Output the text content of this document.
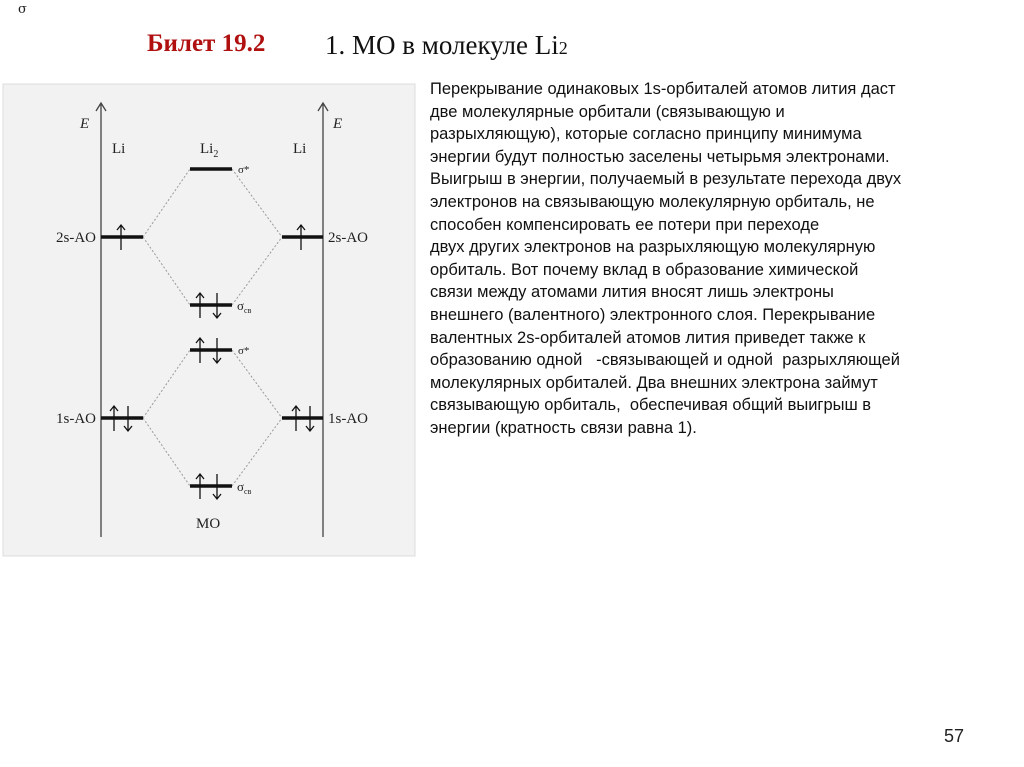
σ
Билет 19.2 1. МО в молекуле Li2
E	E
Li	Li
$Li_2$
σ*
σ*
$\sigma_{св}$
$\sigma_{св}$
2s-AO	2s-AO
1s-AO	1s-AO
MO
Перекрывание одинаковых 1s-орбиталей атомов лития даст
две молекулярные орбитали (связывающую и
разрыхляющую), которые согласно принципу минимума
энергии будут полностью заселены четырьмя электронами.
Выигрыш в энергии, получаемый в результате перехода двух
электронов на связывающую молекулярную орбиталь, не
способен компенсировать ее потери при переходе
двух других электронов на разрыхляющую молекулярную
орбиталь. Вот почему вклад в образование химической
связи между атомами лития вносят лишь электроны
внешнего (валентного) электронного слоя. Перекрывание
валентных 2s-орбиталей атомов лития приведет также к
образованию одной   -связывающей и одной  разрыхляющей
молекулярных орбиталей. Два внешних электрона займут
связывающую орбиталь,  обеспечивая общий выигрыш в
энергии (кратность связи равна 1).
57
